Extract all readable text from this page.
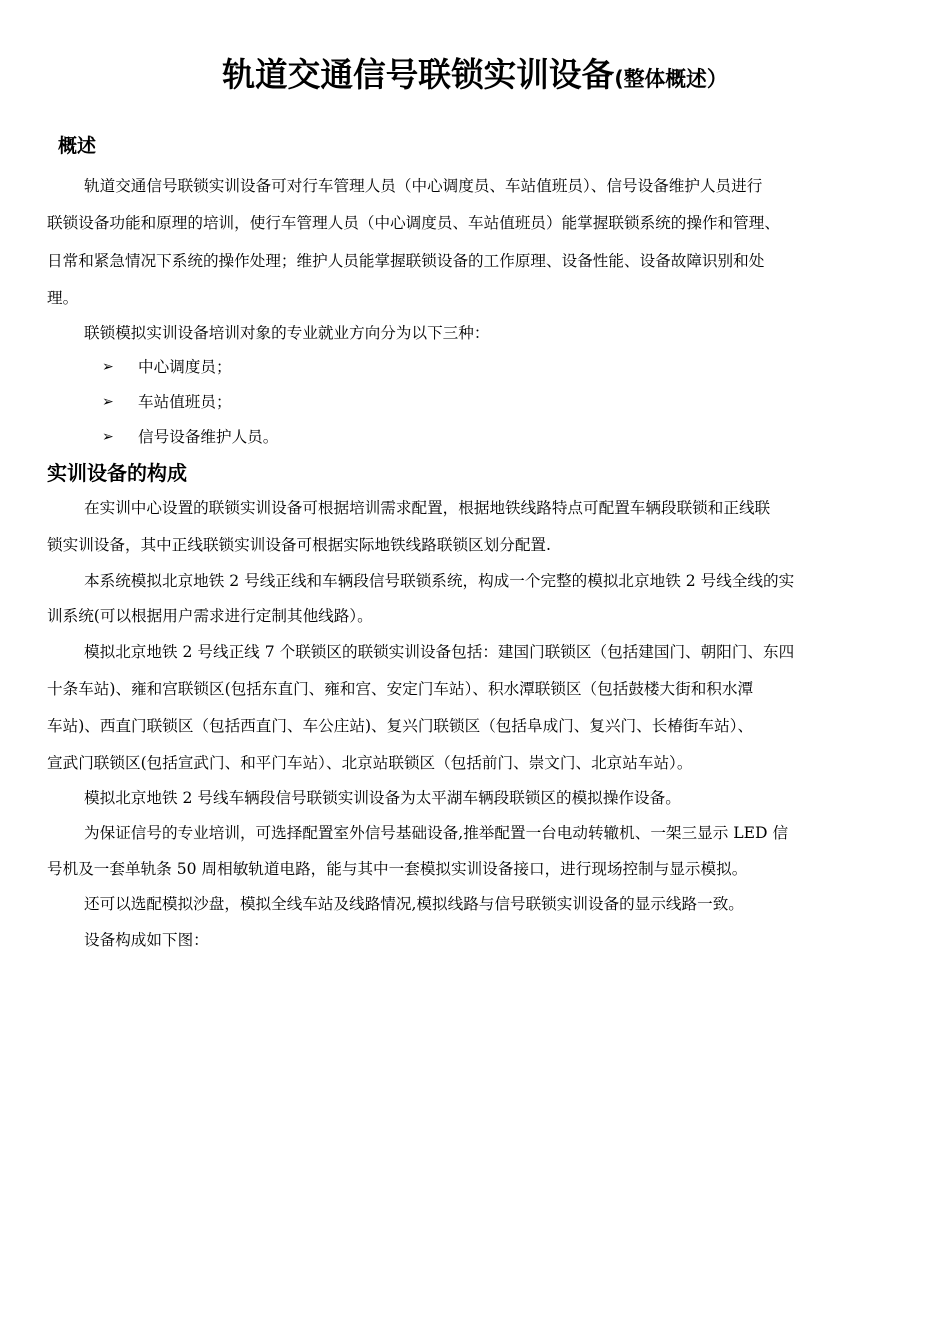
轨道交通信号联锁实训设备(整体概述）
概述
轨道交通信号联锁实训设备可对行车管理人员（中心调度员、车站值班员）、信号设备维护人员进行
联锁设备功能和原理的培训，使行车管理人员（中心调度员、车站值班员）能掌握联锁系统的操作和管理、
日常和紧急情况下系统的操作处理；维护人员能掌握联锁设备的工作原理、设备性能、设备故障识别和处
理。
联锁模拟实训设备培训对象的专业就业方向分为以下三种：
➢ 中心调度员；
➢ 车站值班员；
➢ 信号设备维护人员。
实训设备的构成
在实训中心设置的联锁实训设备可根据培训需求配置，根据地铁线路特点可配置车辆段联锁和正线联
锁实训设备，其中正线联锁实训设备可根据实际地铁线路联锁区划分配置.
本系统模拟北京地铁 2 号线正线和车辆段信号联锁系统，构成一个完整的模拟北京地铁 2 号线全线的实
训系统(可以根据用户需求进行定制其他线路）。
模拟北京地铁 2 号线正线 7 个联锁区的联锁实训设备包括：建国门联锁区（包括建国门、朝阳门、东四
十条车站)、雍和宫联锁区(包括东直门、雍和宫、安定门车站）、积水潭联锁区（包括鼓楼大街和积水潭
车站)、西直门联锁区（包括西直门、车公庄站)、复兴门联锁区（包括阜成门、复兴门、长椿街车站）、
宣武门联锁区(包括宣武门、和平门车站）、北京站联锁区（包括前门、崇文门、北京站车站）。
模拟北京地铁 2 号线车辆段信号联锁实训设备为太平湖车辆段联锁区的模拟操作设备。
为保证信号的专业培训，可选择配置室外信号基础设备,推举配置一台电动转辙机、一架三显示 LED 信
号机及一套单轨条 50 周相敏轨道电路，能与其中一套模拟实训设备接口，进行现场控制与显示模拟。
还可以选配模拟沙盘，模拟全线车站及线路情况,模拟线路与信号联锁实训设备的显示线路一致。
设备构成如下图：
